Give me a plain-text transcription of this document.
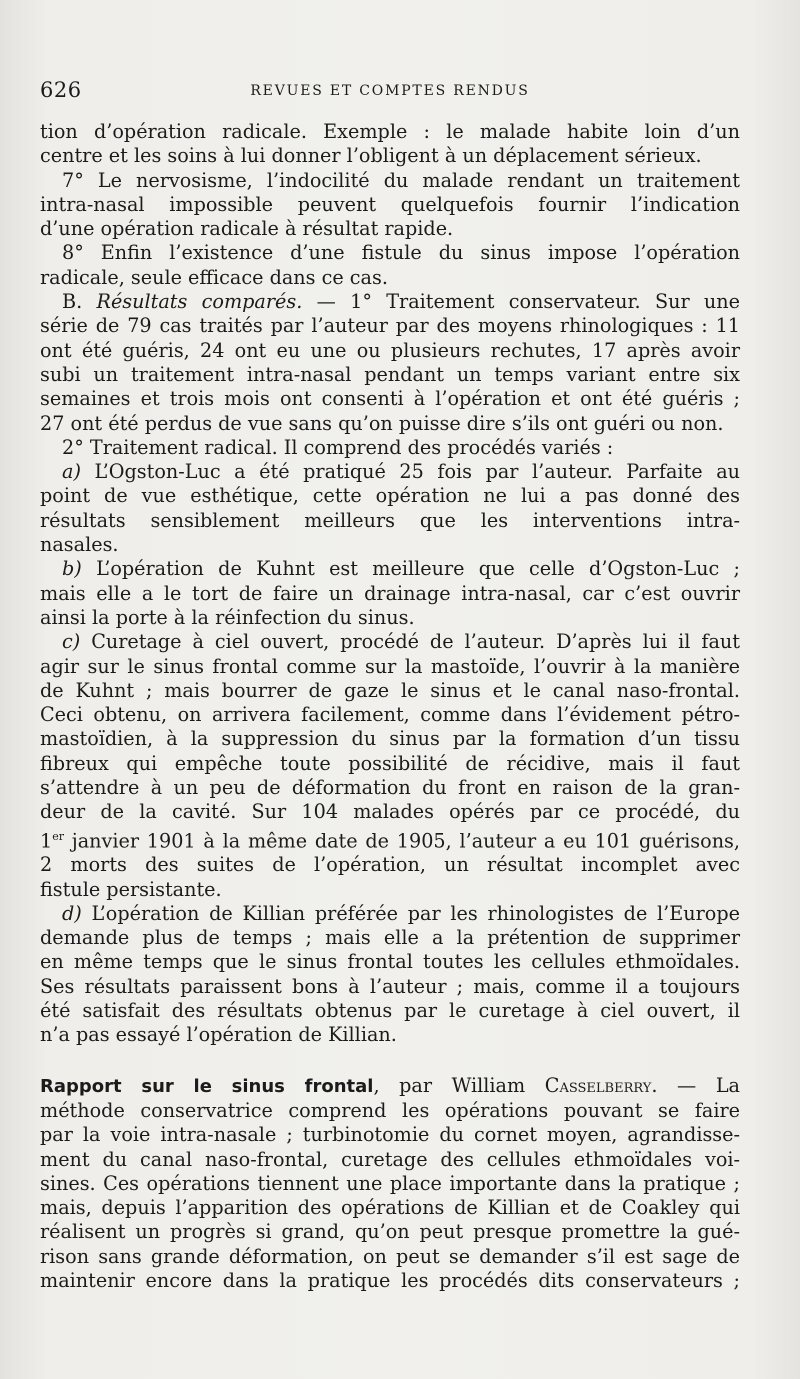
626	REVUES ET COMPTES RENDUS

tion d’opération radicale. Exemple : le malade habite loin d’un

centre et les soins à lui donner l’obligent à un déplacement sérieux.

7° Le nervosisme, l’indocilité du malade rendant un traitement

intra-nasal impossible peuvent quelquefois fournir l’indication

d’une opération radicale à résultat rapide.

8° Enfin l’existence d’une fistule du sinus impose l’opération

radicale, seule efficace dans ce cas.

B. Résultats comparés. — 1° Traitement conservateur. Sur une

série de 79 cas traités par l’auteur par des moyens rhinologiques : 11

ont été guéris, 24 ont eu une ou plusieurs rechutes, 17 après avoir

subi un traitement intra-nasal pendant un temps variant entre six

semaines et trois mois ont consenti à l’opération et ont été guéris ;

27 ont été perdus de vue sans qu’on puisse dire s’ils ont guéri ou non.

2° Traitement radical. Il comprend des procédés variés :

a) L’Ogston-Luc a été pratiqué 25 fois par l’auteur. Parfaite au

point de vue esthétique, cette opération ne lui a pas donné des

résultats sensiblement meilleurs que les interventions intra-

nasales.

b) L’opération de Kuhnt est meilleure que celle d’Ogston-Luc ;

mais elle a le tort de faire un drainage intra-nasal, car c’est ouvrir

ainsi la porte à la réinfection du sinus.

c) Curetage à ciel ouvert, procédé de l’auteur. D’après lui il faut

agir sur le sinus frontal comme sur la mastoïde, l’ouvrir à la manière

de Kuhnt ; mais bourrer de gaze le sinus et le canal naso-frontal.

Ceci obtenu, on arrivera facilement, comme dans l’évidement pétro-

mastoïdien, à la suppression du sinus par la formation d’un tissu

fibreux qui empêche toute possibilité de récidive, mais il faut

s’attendre à un peu de déformation du front en raison de la gran-

deur de la cavité. Sur 104 malades opérés par ce procédé, du

1er janvier 1901 à la même date de 1905, l’auteur a eu 101 guérisons,

2 morts des suites de l’opération, un résultat incomplet avec

fistule persistante.

d) L’opération de Killian préférée par les rhinologistes de l’Europe

demande plus de temps ; mais elle a la prétention de supprimer

en même temps que le sinus frontal toutes les cellules ethmoïdales.

Ses résultats paraissent bons à l’auteur ; mais, comme il a toujours

été satisfait des résultats obtenus par le curetage à ciel ouvert, il

n’a pas essayé l’opération de Killian.

Rapport sur le sinus frontal, par William Casselberry. — La

méthode conservatrice comprend les opérations pouvant se faire

par la voie intra-nasale ; turbinotomie du cornet moyen, agrandisse-

ment du canal naso-frontal, curetage des cellules ethmoïdales voi-

sines. Ces opérations tiennent une place importante dans la pratique ;

mais, depuis l’apparition des opérations de Killian et de Coakley qui

réalisent un progrès si grand, qu’on peut presque promettre la gué-

rison sans grande déformation, on peut se demander s’il est sage de

maintenir encore dans la pratique les procédés dits conservateurs ;
